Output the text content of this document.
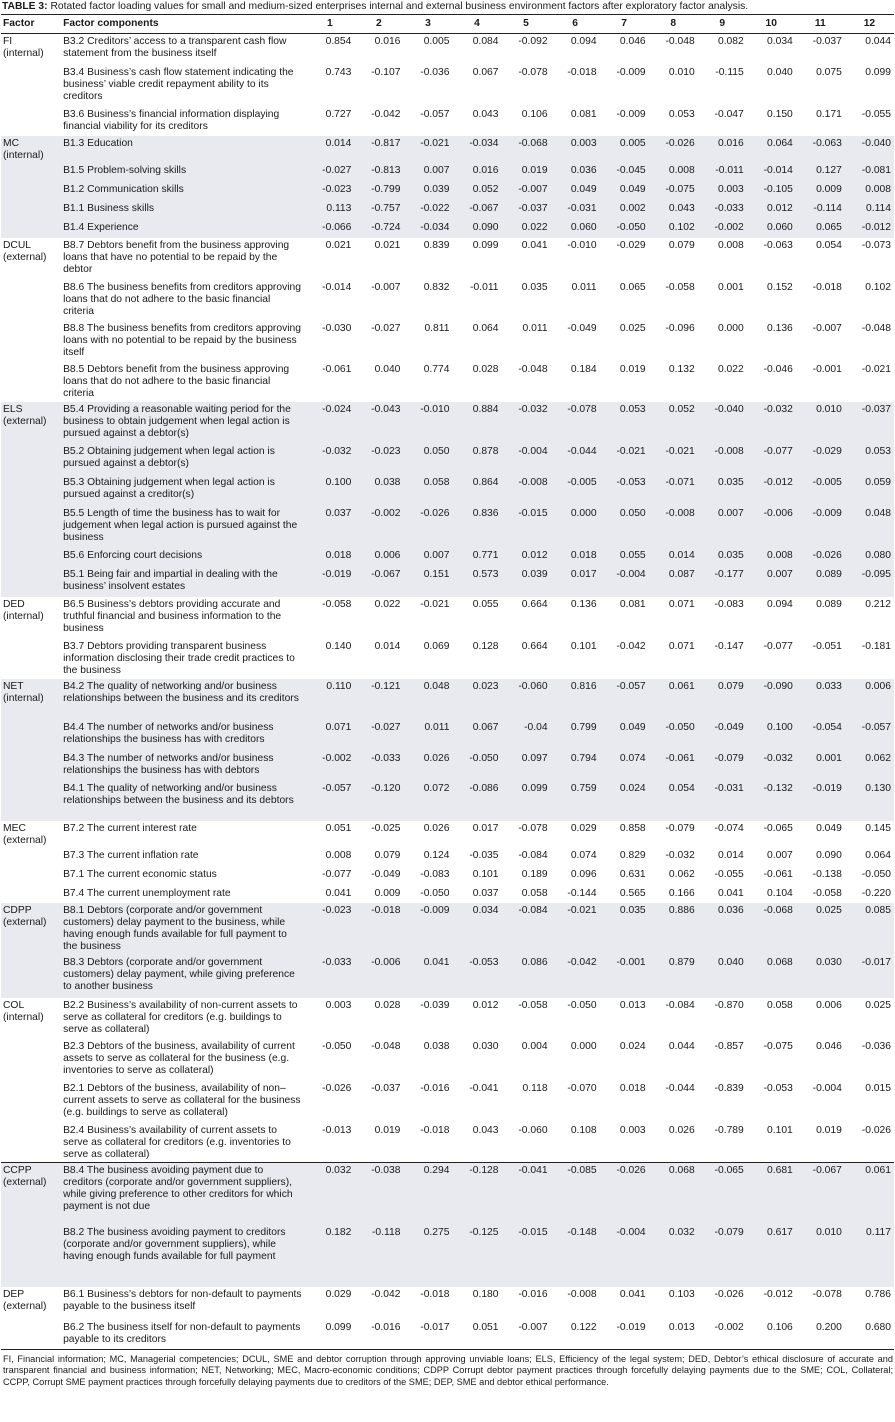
TABLE 3: Rotated factor loading values for small and medium-sized enterprises internal and external business environment factors after exploratory factor analysis.
Factor	Factor components	1	2	3	4	5	6	7	8	9	10	11	12

FI
(internal)	B3.2 Creditors’ access to a transparent cash flow statement from the business itself	0.854	0.016	0.005	0.084	-0.092	0.094	0.046	-0.048	0.082	0.034	-0.037	0.044
	B3.4 Business’s cash flow statement indicating the business’ viable credit repayment ability to its creditors	0.743	-0.107	-0.036	0.067	-0.078	-0.018	-0.009	0.010	-0.115	0.040	0.075	0.099
	B3.6 Business’s financial information displaying financial viability for its creditors	0.727	-0.042	-0.057	0.043	0.106	0.081	-0.009	0.053	-0.047	0.150	0.171	-0.055

MC
(internal)	B1.3 Education	0.014	-0.817	-0.021	-0.034	-0.068	0.003	0.005	-0.026	0.016	0.064	-0.063	-0.040
	B1.5 Problem-solving skills	-0.027	-0.813	0.007	0.016	0.019	0.036	-0.045	0.008	-0.011	-0.014	0.127	-0.081
	B1.2 Communication skills	-0.023	-0.799	0.039	0.052	-0.007	0.049	0.049	-0.075	0.003	-0.105	0.009	0.008
	B1.1 Business skills	0.113	-0.757	-0.022	-0.067	-0.037	-0.031	0.002	0.043	-0.033	0.012	-0.114	0.114
	B1.4 Experience	-0.066	-0.724	-0.034	0.090	0.022	0.060	-0.050	0.102	-0.002	0.060	0.065	-0.012

DCUL
(external)	B8.7 Debtors benefit from the business approving loans that have no potential to be repaid by the debtor	0.021	0.021	0.839	0.099	0.041	-0.010	-0.029	0.079	0.008	-0.063	0.054	-0.073
	B8.6 The business benefits from creditors approving loans that do not adhere to the basic financial criteria	-0.014	-0.007	0.832	-0.011	0.035	0.011	0.065	-0.058	0.001	0.152	-0.018	0.102
	B8.8 The business benefits from creditors approving loans with no potential to be repaid by the business itself	-0.030	-0.027	0.811	0.064	0.011	-0.049	0.025	-0.096	0.000	0.136	-0.007	-0.048
	B8.5 Debtors benefit from the business approving loans that do not adhere to the basic financial criteria	-0.061	0.040	0.774	0.028	-0.048	0.184	0.019	0.132	0.022	-0.046	-0.001	-0.021

ELS
(external)	B5.4 Providing a reasonable waiting period for the business to obtain judgement when legal action is pursued against a debtor(s)	-0.024	-0.043	-0.010	0.884	-0.032	-0.078	0.053	0.052	-0.040	-0.032	0.010	-0.037
	B5.2 Obtaining judgement when legal action is pursued against a debtor(s)	-0.032	-0.023	0.050	0.878	-0.004	-0.044	-0.021	-0.021	-0.008	-0.077	-0.029	0.053
	B5.3 Obtaining judgement when legal action is pursued against a creditor(s)	0.100	0.038	0.058	0.864	-0.008	-0.005	-0.053	-0.071	0.035	-0.012	-0.005	0.059
	B5.5 Length of time the business has to wait for judgement when legal action is pursued against the business	0.037	-0.002	-0.026	0.836	-0.015	0.000	0.050	-0.008	0.007	-0.006	-0.009	0.048
	B5.6 Enforcing court decisions	0.018	0.006	0.007	0.771	0.012	0.018	0.055	0.014	0.035	0.008	-0.026	0.080
	B5.1 Being fair and impartial in dealing with the business’ insolvent estates	-0.019	-0.067	0.151	0.573	0.039	0.017	-0.004	0.087	-0.177	0.007	0.089	-0.095

DED
(internal)	B6.5 Business’s debtors providing accurate and truthful financial and business information to the business	-0.058	0.022	-0.021	0.055	0.664	0.136	0.081	0.071	-0.083	0.094	0.089	0.212
	B3.7 Debtors providing transparent business information disclosing their trade credit practices to the business	0.140	0.014	0.069	0.128	0.664	0.101	-0.042	0.071	-0.147	-0.077	-0.051	-0.181

NET
(internal)	B4.2 The quality of networking and/or business relationships between the business and its creditors	0.110	-0.121	0.048	0.023	-0.060	0.816	-0.057	0.061	0.079	-0.090	0.033	0.006
	B4.4 The number of networks and/or business relationships the business has with creditors	0.071	-0.027	0.011	0.067	-0.04	0.799	0.049	-0.050	-0.049	0.100	-0.054	-0.057
	B4.3 The number of networks and/or business relationships the business has with debtors	-0.002	-0.033	0.026	-0.050	0.097	0.794	0.074	-0.061	-0.079	-0.032	0.001	0.062
	B4.1 The quality of networking and/or business relationships between the business and its debtors	-0.057	-0.120	0.072	-0.086	0.099	0.759	0.024	0.054	-0.031	-0.132	-0.019	0.130

MEC
(external)	B7.2 The current interest rate	0.051	-0.025	0.026	0.017	-0.078	0.029	0.858	-0.079	-0.074	-0.065	0.049	0.145
	B7.3 The current inflation rate	0.008	0.079	0.124	-0.035	-0.084	0.074	0.829	-0.032	0.014	0.007	0.090	0.064
	B7.1 The current economic status	-0.077	-0.049	-0.083	0.101	0.189	0.096	0.631	0.062	-0.055	-0.061	-0.138	-0.050
	B7.4 The current unemployment rate	0.041	0.009	-0.050	0.037	0.058	-0.144	0.565	0.166	0.041	0.104	-0.058	-0.220

CDPP
(external)	B8.1 Debtors (corporate and/or government customers) delay payment to the business, while having enough funds available for full payment to the business	-0.023	-0.018	-0.009	0.034	-0.084	-0.021	0.035	0.886	0.036	-0.068	0.025	0.085
	B8.3 Debtors (corporate and/or government customers) delay payment, while giving preference to another business	-0.033	-0.006	0.041	-0.053	0.086	-0.042	-0.001	0.879	0.040	0.068	0.030	-0.017

COL
(internal)	B2.2 Business’s availability of non-current assets to serve as collateral for creditors (e.g. buildings to serve as collateral)	0.003	0.028	-0.039	0.012	-0.058	-0.050	0.013	-0.084	-0.870	0.058	0.006	0.025
	B2.3 Debtors of the business, availability of current assets to serve as collateral for the business (e.g. inventories to serve as collateral)	-0.050	-0.048	0.038	0.030	0.004	0.000	0.024	0.044	-0.857	-0.075	0.046	-0.036
	B2.1 Debtors of the business, availability of non–current assets to serve as collateral for the business (e.g. buildings to serve as collateral)	-0.026	-0.037	-0.016	-0.041	0.118	-0.070	0.018	-0.044	-0.839	-0.053	-0.004	0.015
	B2.4 Business’s availability of current assets to serve as collateral for creditors (e.g. inventories to serve as collateral)	-0.013	0.019	-0.018	0.043	-0.060	0.108	0.003	0.026	-0.789	0.101	0.019	-0.026

CCPP
(external)	B8.4 The business avoiding payment due to creditors (corporate and/or government suppliers), while giving preference to other creditors for which payment is not due	0.032	-0.038	0.294	-0.128	-0.041	-0.085	-0.026	0.068	-0.065	0.681	-0.067	0.061
	B8.2 The business avoiding payment to creditors (corporate and/or government suppliers), while having enough funds available for full payment	0.182	-0.118	0.275	-0.125	-0.015	-0.148	-0.004	0.032	-0.079	0.617	0.010	0.117

DEP
(external)	B6.1 Business’s debtors for non-default to payments payable to the business itself	0.029	-0.042	-0.018	0.180	-0.016	-0.008	0.041	0.103	-0.026	-0.012	-0.078	0.786
	B6.2 The business itself for non-default to payments payable to its creditors	0.099	-0.016	-0.017	0.051	-0.007	0.122	-0.019	0.013	-0.002	0.106	0.200	0.680
FI, Financial information; MC, Managerial competencies; DCUL, SME and debtor corruption through approving unviable loans; ELS, Efficiency of the legal system; DED, Debtor’s ethical disclosure of accurate and transparent financial and business information; NET, Networking; MEC, Macro-economic conditions; CDPP Corrupt debtor payment practices through forcefully delaying payments due to the SME; COL, Collateral; CCPP, Corrupt SME payment practices through forcefully delaying payments due to creditors of the SME; DEP, SME and debtor ethical performance.
